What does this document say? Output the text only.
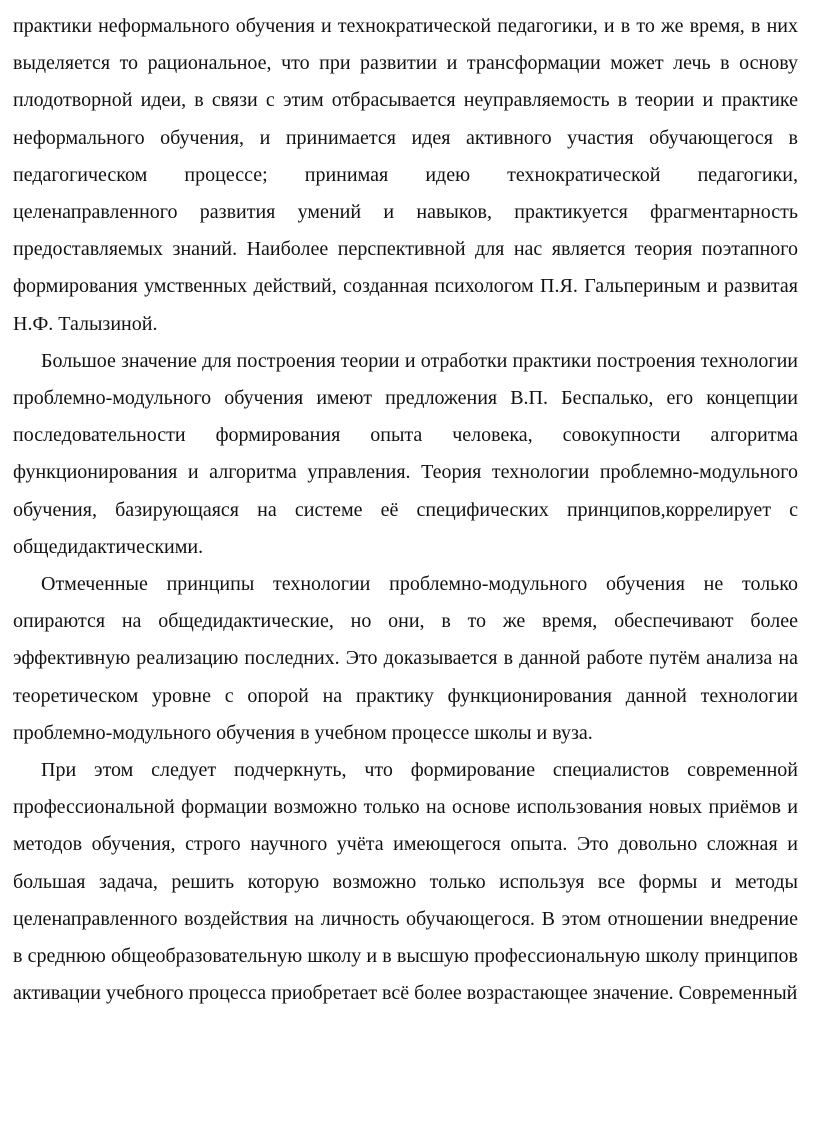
практики неформального обучения и технократической педагогики, и в то же время, в них выделяется то рациональное, что при развитии и трансформации может лечь в основу плодотворной идеи, в связи с этим отбрасывается неуправляемость в теории и практике неформального обучения, и принимается идея активного участия обучающегося в педагогическом процессе; принимая идею технократической педагогики, целенаправленного развития умений и навыков, практикуется фрагментарность предоставляемых знаний. Наиболее перспективной для нас является теория поэтапного формирования умственных действий, созданная психологом П.Я. Гальпериным и развитая Н.Ф. Талызиной.

Большое значение для построения теории и отработки практики построения технологии проблемно-модульного обучения имеют предложения В.П. Беспалько, его концепции последовательности формирования опыта человека, совокупности алгоритма функционирования и алгоритма управления. Теория технологии проблемно-модульного обучения, базирующаяся на системе её специфических принципов,коррелирует с общедидактическими.

Отмеченные принципы технологии проблемно-модульного обучения не только опираются на общедидактические, но они, в то же время, обеспечивают более эффективную реализацию последних. Это доказывается в данной работе путём анализа на теоретическом уровне с опорой на практику функционирования данной технологии проблемно-модульного обучения в учебном процессе школы и вуза.

При этом следует подчеркнуть, что формирование специалистов современной профессиональной формации возможно только на основе использования новых приёмов и методов обучения, строго научного учёта имеющегося опыта. Это довольно сложная и большая задача, решить которую возможно только используя все формы и методы целенаправленного воздействия на личность обучающегося. В этом отношении внедрение в среднюю общеобразовательную школу и в высшую профессиональную школу принципов активации учебного процесса приобретает всё более возрастающее значение. Современный
